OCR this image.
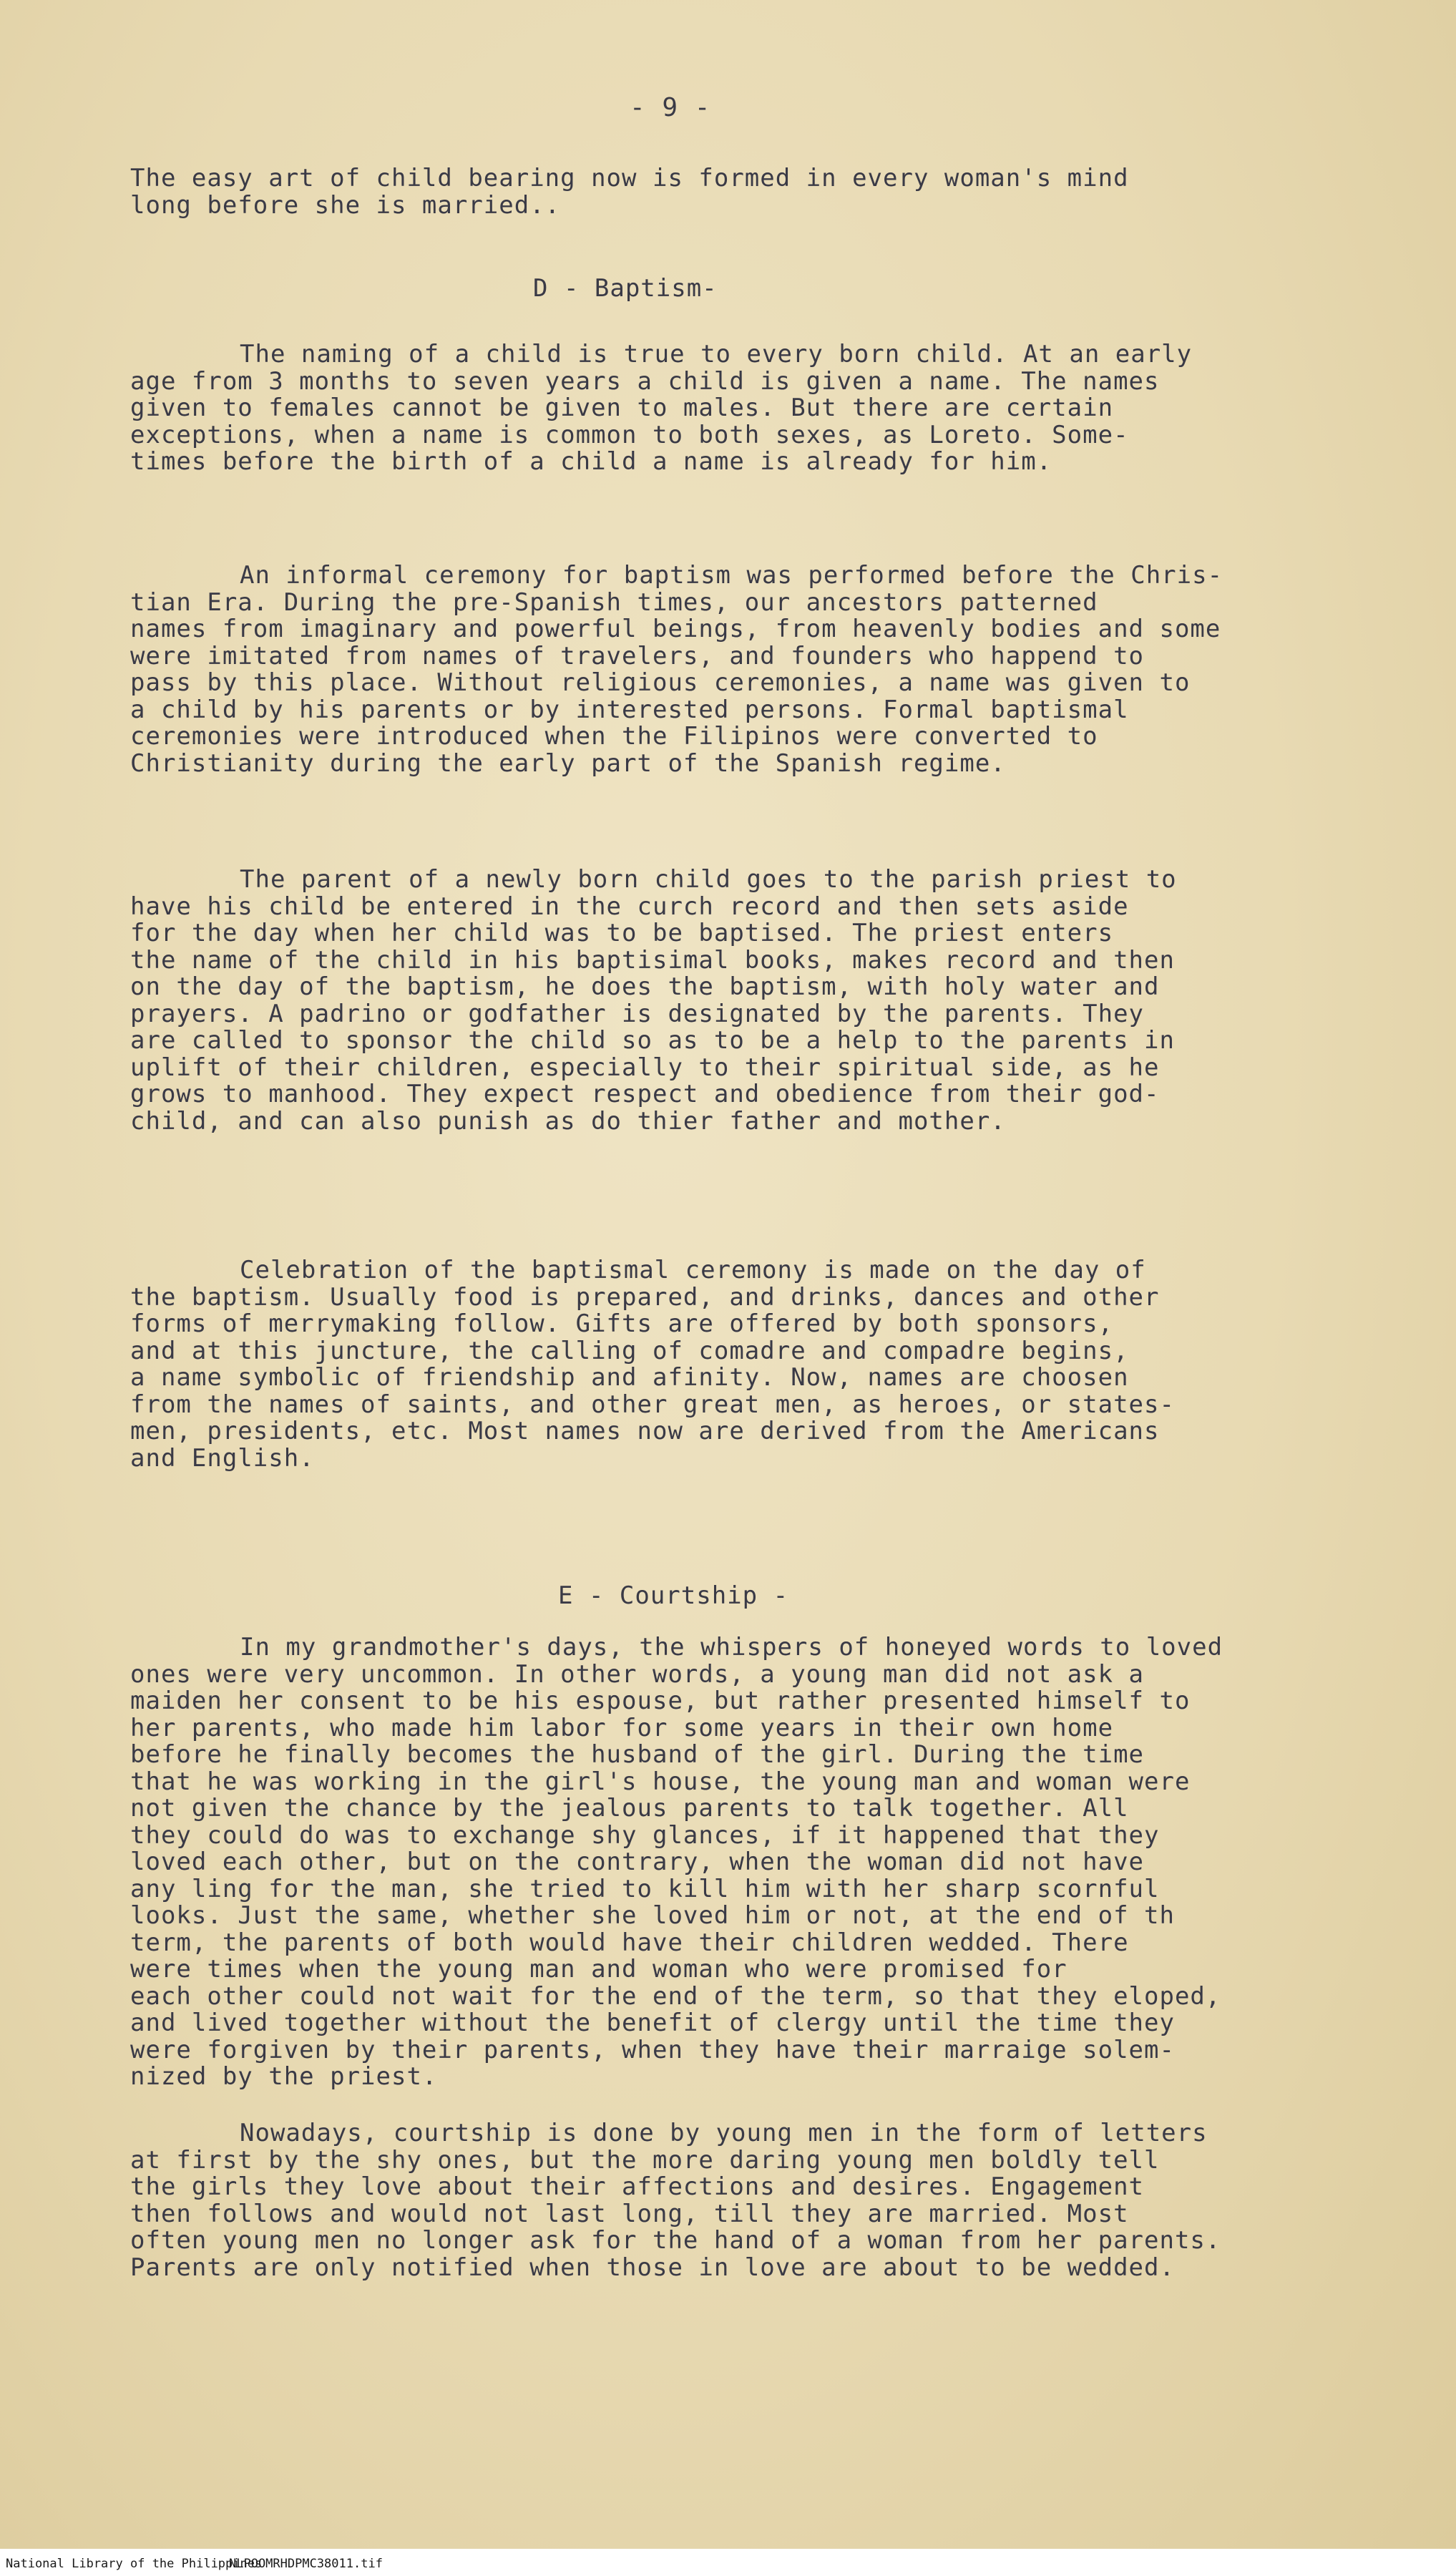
- 9 -
The easy art of child bearing now is formed in every woman's mind
long before she is married..
D - Baptism-
The naming of a child is true to every born child. At an early
age from 3 months to seven years a child is given a name. The names
given to females cannot be given to males. But there are certain
exceptions, when a name is common to both sexes, as Loreto. Some-
times before the birth of a child a name is already for him.
An informal ceremony for baptism was performed before the Chris-
tian Era. During the pre-Spanish times, our ancestors patterned
names from imaginary and powerful beings, from heavenly bodies and some
were imitated from names of travelers, and founders who happend to
pass by this place. Without religious ceremonies, a name was given to
a child by his parents or by interested persons. Formal baptismal
ceremonies were introduced when the Filipinos were converted to
Christianity during the early part of the Spanish regime.
The parent of a newly born child goes to the parish priest to
have his child be entered in the curch record and then sets aside
for the day when her child was to be baptised. The priest enters
the name of the child in his baptisimal books, makes record and then
on the day of the baptism, he does the baptism, with holy water and
prayers. A padrino or godfather is designated by the parents. They
are called to sponsor the child so as to be a help to the parents in
uplift of their children, especially to their spiritual side, as he
grows to manhood. They expect respect and obedience from their god-
child, and can also punish as do thier father and mother.
Celebration of the baptismal ceremony is made on the day of
the baptism. Usually food is prepared, and drinks, dances and other
forms of merrymaking follow. Gifts are offered by both sponsors,
and at this juncture, the calling of comadre and compadre begins,
a name symbolic of friendship and afinity. Now, names are choosen
from the names of saints, and other great men, as heroes, or states-
men, presidents, etc. Most names now are derived from the Americans
and English.
E - Courtship -
In my grandmother's days, the whispers of honeyed words to loved
ones were very uncommon. In other words, a young man did not ask a
maiden her consent to be his espouse, but rather presented himself to
her parents, who made him labor for some years in their own home
before he finally becomes the husband of the girl. During the time
that he was working in the girl's house, the young man and woman were
not given the chance by the jealous parents to talk together. All
they could do was to exchange shy glances, if it happened that they
loved each other, but on the contrary, when the woman did not have
any ling for the man, she tried to kill him with her sharp scornful
looks. Just the same, whether she loved him or not, at the end of th
term, the parents of both would have their children wedded. There
were times when the young man and woman who were promised for
each other could not wait for the end of the term, so that they eloped,
and lived together without the benefit of clergy until the time they
were forgiven by their parents, when they have their marraige solem-
nized by the priest.
Nowadays, courtship is done by young men in the form of letters
at first by the shy ones, but the more daring young men boldly tell
the girls they love about their affections and desires. Engagement
then follows and would not last long, till they are married. Most
often young men no longer ask for the hand of a woman from her parents.
Parents are only notified when those in love are about to be wedded.
National Library of the Philippines
NLPOOMRHDPMC38011.tif
